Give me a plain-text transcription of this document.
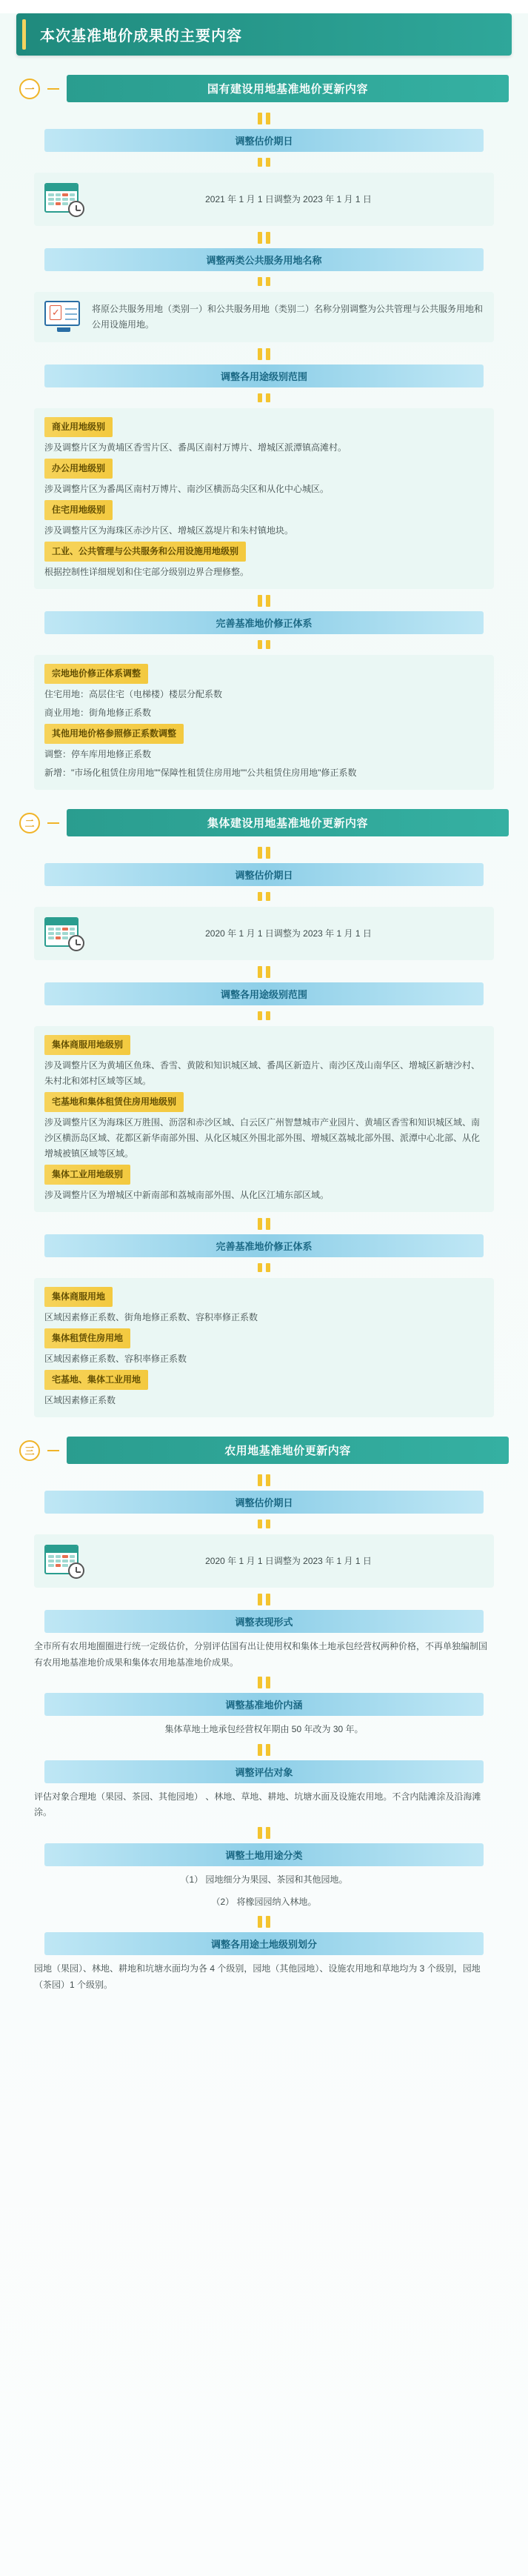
本次基准地价成果的主要内容
一	国有建设用地基准地价更新内容
调整估价期日
2021 年 1 月 1 日调整为 2023 年 1 月 1 日
调整两类公共服务用地名称
✓
将原公共服务用地（类别一）和公共服务用地（类别二）名称分别调整为公共管理与公共服务用地和公用设施用地。
调整各用途级别范围
商业用地级别

涉及调整片区为黄埔区香雪片区、番禺区南村万博片、增城区派潭镇高滩村。

办公用地级别

涉及调整片区为番禺区南村万博片、南沙区横沥岛尖区和从化中心城区。

住宅用地级别

涉及调整片区为海珠区赤沙片区、增城区荔堤片和朱村镇地块。

工业、公共管理与公共服务和公用设施用地级别

根据控制性详细规划和住宅部分级别边界合理修整。

完善基准地价修正体系
宗地地价修正体系调整

住宅用地：高层住宅（电梯楼）楼层分配系数

商业用地：街角地修正系数

其他用地价格参照修正系数调整

调整：停车库用地修正系数

新增："市场化租赁住房用地""保障性租赁住房用地""公共租赁住房用地"修正系数

二	集体建设用地基准地价更新内容
调整估价期日
2020 年 1 月 1 日调整为 2023 年 1 月 1 日
调整各用途级别范围
集体商服用地级别

涉及调整片区为黄埔区鱼珠、香雪、黄陂和知识城区域、番禺区新造片、南沙区茂山南华区、增城区新塘沙村、朱村北和郊村区域等区域。

宅基地和集体租赁住房用地级别

涉及调整片区为海珠区万胜围、沥滘和赤沙区域、白云区广州智慧城市产业园片、黄埔区香雪和知识城区域、南沙区横沥岛区域、花都区新华南部外围、从化区城区外围北部外围、增城区荔城北部外围、派潭中心北部、从化增城被镇区域等区域。

集体工业用地级别

涉及调整片区为增城区中新南部和荔城南部外围、从化区江埔东部区域。

完善基准地价修正体系
集体商服用地

区域因素修正系数、街角地修正系数、容积率修正系数

集体租赁住房用地

区域因素修正系数、容积率修正系数

宅基地、集体工业用地

区域因素修正系数

三	农用地基准地价更新内容
调整估价期日
2020 年 1 月 1 日调整为 2023 年 1 月 1 日
调整表现形式
全市所有农用地圈圈进行统一定级估价，分别评估国有出让使用权和集体土地承包经营权两种价格，不再单独编制国有农用地基准地价成果和集体农用地基准地价成果。
调整基准地价内涵
集体草地土地承包经营权年期由 50 年改为 30 年。
调整评估对象
评估对象合理地（果园、茶园、其他园地） 、林地、草地、耕地、坑塘水面及设施农用地。不含内陆滩涂及沿海滩涂。
调整土地用途分类
（1） 园地细分为果园、茶园和其他园地。
（2） 将橡园园纳入林地。
调整各用途土地级别划分
园地（果园）、林地、耕地和坑塘水面均为各 4 个级别，园地（其他园地）、设施农用地和草地均为 3 个级别，园地（茶园）1 个级别。
